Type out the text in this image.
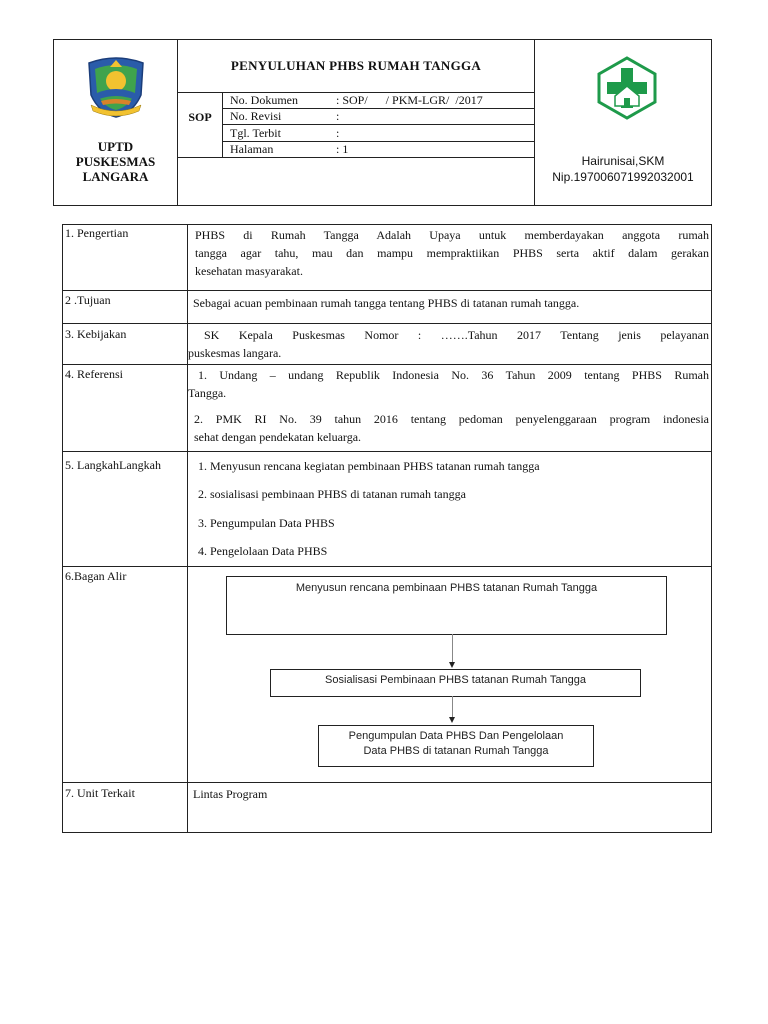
UPTD
PUSKESMAS
LANGARA
PENYULUHAN PHBS RUMAH TANGGA
SOP
No. Dokumen	: SOP/      / PKM-LGR/  /2017
No. Revisi	:
Tgl. Terbit	:
Halaman	: 1
Hairunisai,SKM
Nip.197006071992032001
1. Pengertian	PHBS di Rumah Tangga Adalah Upaya untuk memberdayakan anggota rumah
tangga agar tahu, mau dan mampu mempraktiikan PHBS serta aktif dalam gerakan
kesehatan masyarakat.
2 .Tujuan	Sebagai acuan pembinaan rumah tangga tentang PHBS di tatanan rumah tangga.
3. Kebijakan	SK Kepala Puskesmas Nomor : …….Tahun 2017 Tentang jenis pelayanan
puskesmas langara.
4. Referensi	1. Undang – undang Republik Indonesia No. 36 Tahun 2009 tentang PHBS Rumah
Tangga.
2. PMK RI No. 39 tahun 2016 tentang pedoman penyelenggaraan program indonesia
sehat dengan pendekatan keluarga.
5. LangkahLangkah	1. Menyusun rencana kegiatan pembinaan PHBS tatanan rumah tangga
2. sosialisasi pembinaan PHBS di tatanan rumah tangga
3. Pengumpulan Data PHBS
4. Pengelolaan Data PHBS
6.Bagan Alir
Menyusun rencana pembinaan PHBS tatanan Rumah Tangga
Sosialisasi Pembinaan PHBS tatanan Rumah Tangga
Pengumpulan Data PHBS Dan Pengelolaan
Data PHBS di tatanan Rumah Tangga
7. Unit Terkait	Lintas Program
